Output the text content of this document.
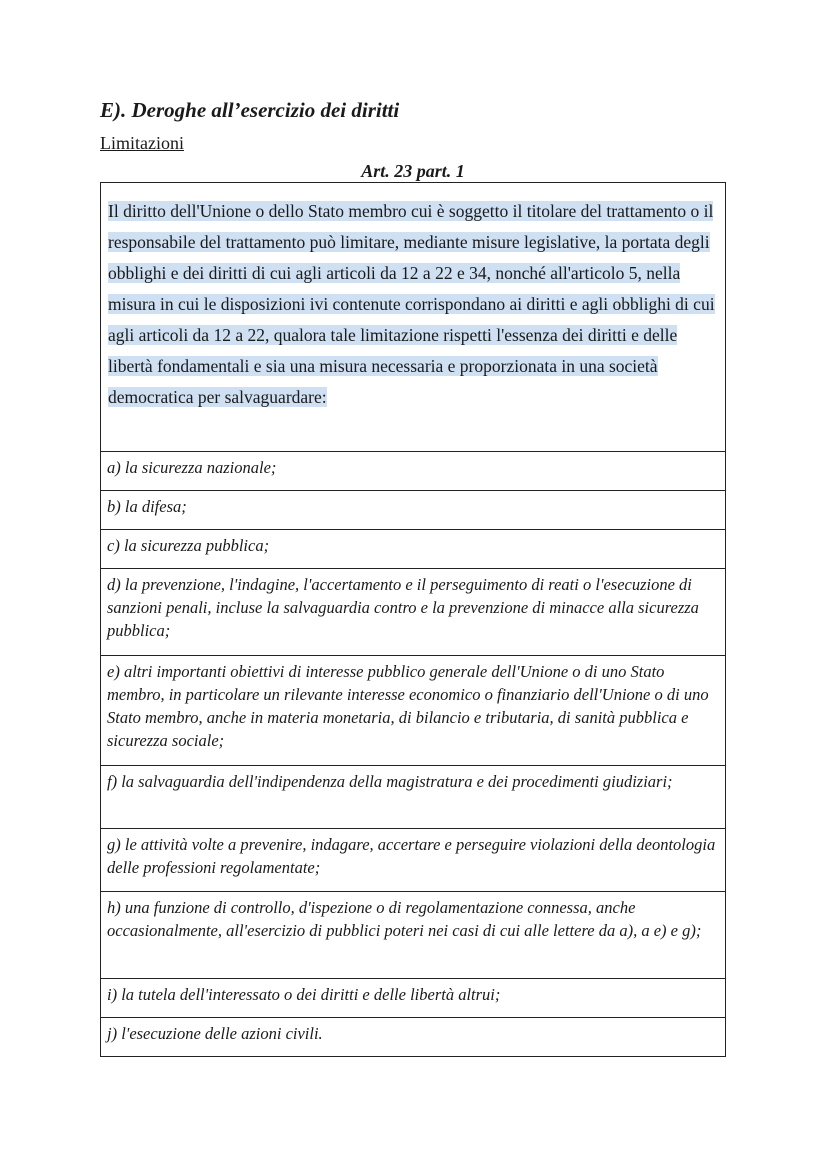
E). Deroghe all’esercizio dei diritti
Limitazioni
Art. 23 part. 1
Il diritto dell'Unione o dello Stato membro cui è soggetto il titolare del trattamento o il responsabile del trattamento può limitare, mediante misure legislative, la portata degli obblighi e dei diritti di cui agli articoli da 12 a 22 e 34, nonché all'articolo 5, nella misura in cui le disposizioni ivi contenute corrispondano ai diritti e agli obblighi di cui agli articoli da 12 a 22, qualora tale limitazione rispetti l'essenza dei diritti e delle libertà fondamentali e sia una misura necessaria e proporzionata in una società democratica per salvaguardare:
a) la sicurezza nazionale;
b) la difesa;
c) la sicurezza pubblica;
d) la prevenzione, l'indagine, l'accertamento e il perseguimento di reati o l'esecuzione di sanzioni penali, incluse la salvaguardia contro e la prevenzione di minacce alla sicurezza pubblica;
e) altri importanti obiettivi di interesse pubblico generale dell'Unione o di uno Stato membro, in particolare un rilevante interesse economico o finanziario dell'Unione o di uno Stato membro, anche in materia monetaria, di bilancio e tributaria, di sanità pubblica e sicurezza sociale;
f) la salvaguardia dell'indipendenza della magistratura e dei procedimenti giudiziari;
g) le attività volte a prevenire, indagare, accertare e perseguire violazioni della deontologia delle professioni regolamentate;
h) una funzione di controllo, d'ispezione o di regolamentazione connessa, anche occasionalmente, all'esercizio di pubblici poteri nei casi di cui alle lettere da a), a e) e g);
i) la tutela dell'interessato o dei diritti e delle libertà altrui;
j) l'esecuzione delle azioni civili.
